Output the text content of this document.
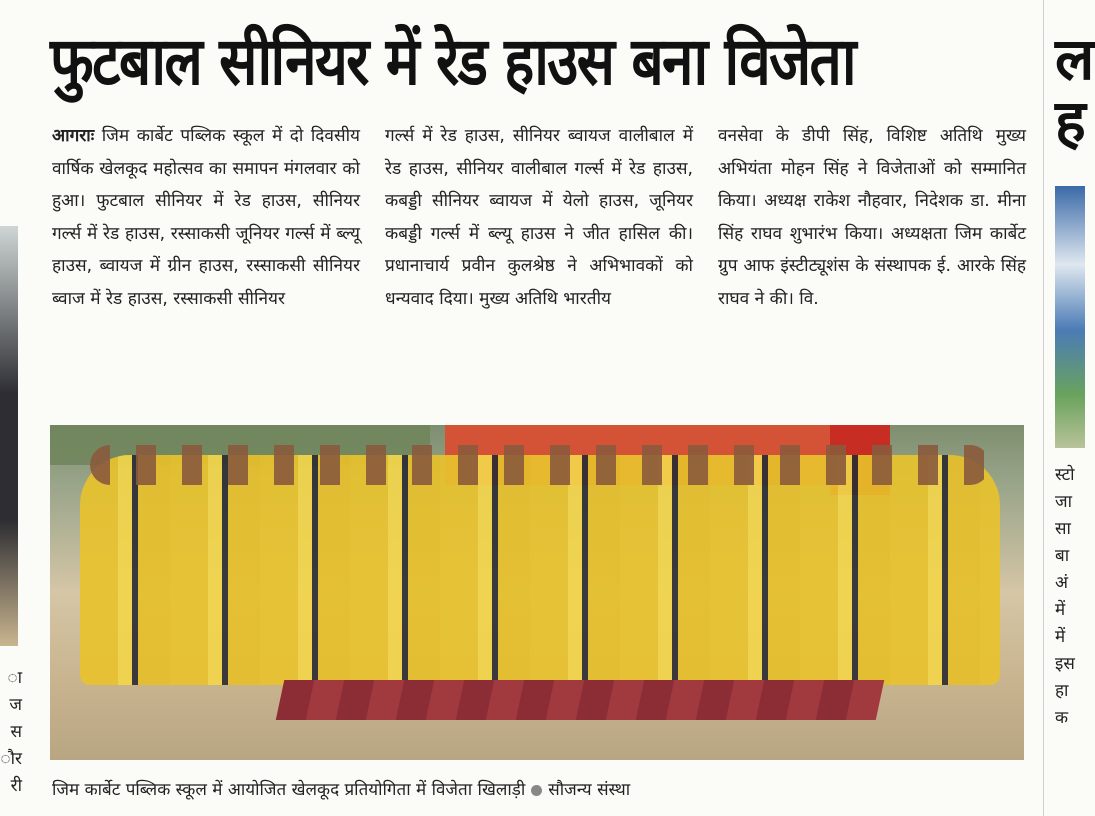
ा
ज
स
ौर
री
फुटबाल सीनियर में रेड हाउस बना विजेता

आगराः जिम कार्बेट पब्लिक स्कूल में दो दिवसीय वार्षिक खेलकूद महोत्सव का समापन मंगलवार को हुआ। फुटबाल सीनियर में रेड हाउस, सीनियर गर्ल्स में रेड हाउस, रस्साकसी जूनियर गर्ल्स में ब्ल्यू हाउस, ब्वायज में ग्रीन हाउस, रस्साकसी सीनियर ब्वाज में रेड हाउस, रस्साकसी सीनियर

गर्ल्स में रेड हाउस, सीनियर ब्वायज वालीबाल में रेड हाउस, सीनियर वालीबाल गर्ल्स में रेड हाउस, कबड्डी सीनियर ब्वायज में येलो हाउस, जूनियर कबड्डी गर्ल्स में ब्ल्यू हाउस ने जीत हासिल की। प्रधानाचार्य प्रवीन कुलश्रेष्ठ ने अभिभावकों को धन्यवाद दिया। मुख्य अतिथि भारतीय

वनसेवा के डीपी सिंह, विशिष्ट अतिथि मुख्य अभियंता मोहन सिंह ने विजेताओं को सम्मानित किया। अध्यक्ष राकेश नौहवार, निदेशक डा. मीना सिंह राघव शुभारंभ किया। अध्यक्षता जिम कार्बेट ग्रुप आफ इंस्टीट्यूशंस के संस्थापक ई. आरके सिंह राघव ने की। वि.

जिम कार्बेट पब्लिक स्कूल में आयोजित खेलकूद प्रतियोगिता में विजेता खिलाड़ी सौजन्य संस्था
ल
ह
स्टो
जा
सा
बा
अं
में
में
इस
हा
क
